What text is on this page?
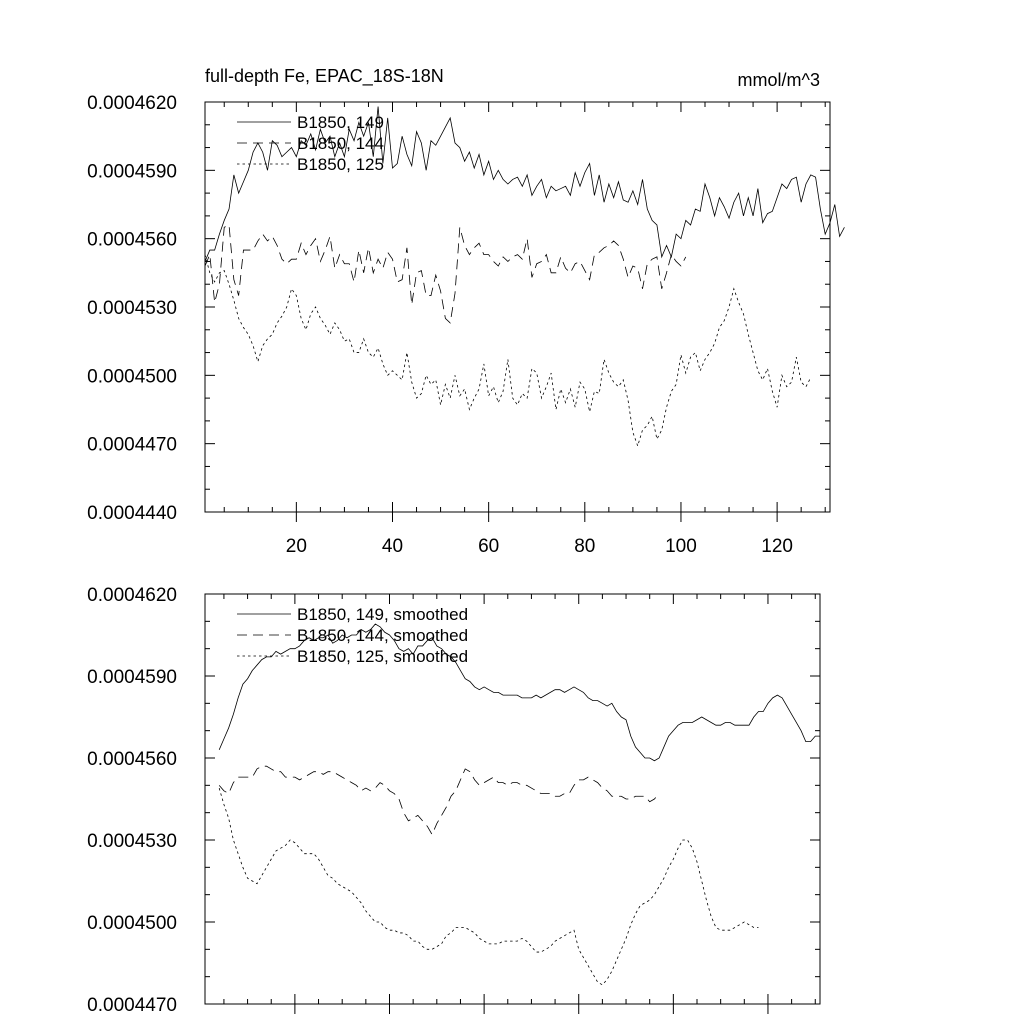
20	40	60	80	100	120
0.0004440
0.0004470
0.0004500
0.0004530
0.0004560
0.0004590
0.0004620
full-depth Fe, EPAC_18S-18N	mmol/m^3
B1850, 149
B1850, 144
B1850, 125
0.0004470
0.0004500
0.0004530
0.0004560
0.0004590
0.0004620
B1850, 149, smoothed
B1850, 144, smoothed
B1850, 125, smoothed
